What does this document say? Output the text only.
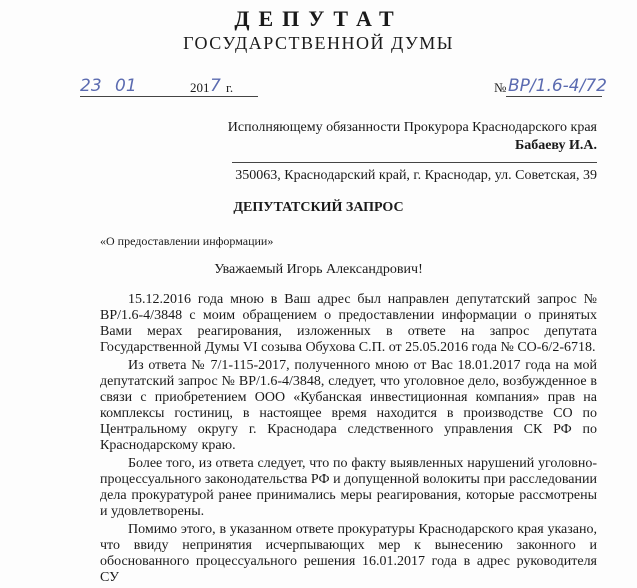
ДЕПУТАТ
ГОСУДАРСТВЕННОЙ ДУМЫ
23 01	201 7 г.	№ ВР/1.6-4/72
Исполняющему обязанности Прокурора Краснодарского края
Бабаеву И.А.
350063, Краснодарский край, г. Краснодар, ул. Советская, 39
ДЕПУТАТСКИЙ ЗАПРОС
«О предоставлении информации»
Уважаемый Игорь Александрович!

15.12.2016 года мною в Ваш адрес был направлен депутатский запрос № ВР/1.6-4/3848 с моим обращением о предоставлении информации о принятых Вами мерах реагирования, изложенных в ответе на запрос депутата Государственной Думы VI созыва Обухова С.П. от 25.05.2016 года № СО-6/2-6718.

Из ответа № 7/1-115-2017, полученного мною от Вас 18.01.2017 года на мой депутатский запрос № ВР/1.6-4/3848, следует, что уголовное дело, возбужденное в связи с приобретением ООО «Кубанская инвестиционная компания» прав на комплексы гостиниц, в настоящее время находится в производстве СО по Центральному округу г. Краснодара следственного управления СК РФ по Краснодарскому краю.

Более того, из ответа следует, что по факту выявленных нарушений уголовно-процессуального законодательства РФ и допущенной волокиты при расследовании дела прокуратурой ранее принимались меры реагирования, которые рассмотрены и удовлетворены.

Помимо этого, в указанном ответе прокуратуры Краснодарского края указано, что ввиду непринятия исчерпывающих мер к вынесению законного и обоснованного процессуального решения 16.01.2017 года в адрес руководителя СУ
